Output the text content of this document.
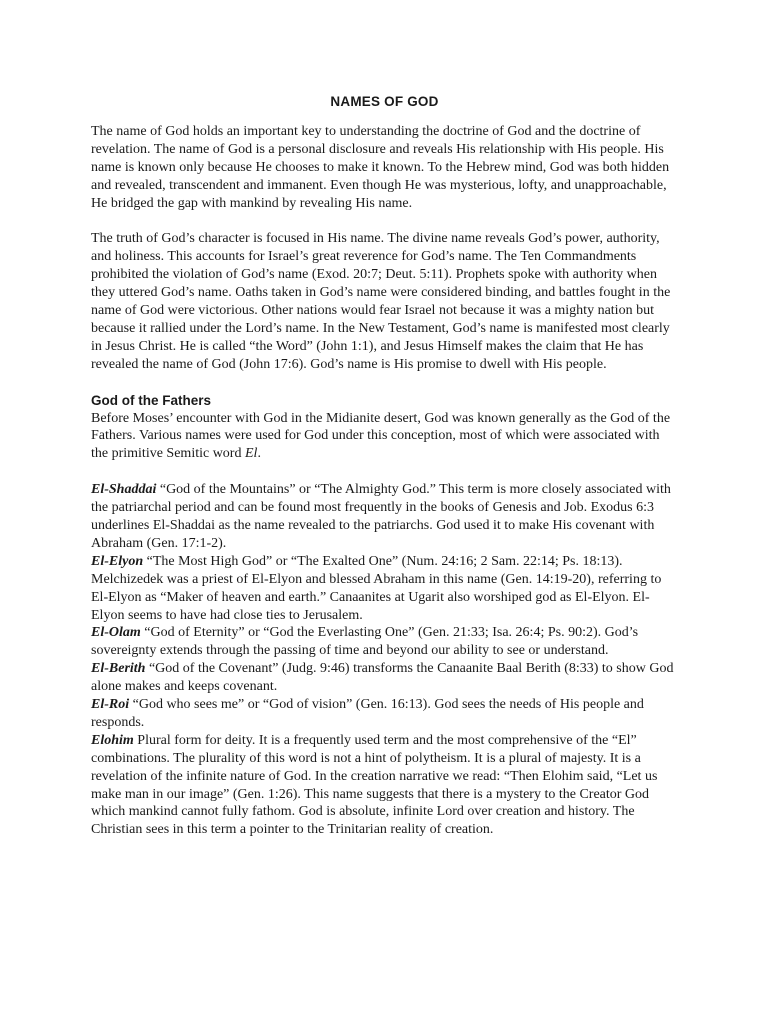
NAMES OF GOD

The name of God holds an important key to understanding the doctrine of God and the doctrine of revelation. The name of God is a personal disclosure and reveals His relationship with His people. His name is known only because He chooses to make it known. To the Hebrew mind, God was both hidden and revealed, transcendent and immanent. Even though He was mysterious, lofty, and unapproachable, He bridged the gap with mankind by revealing His name.

The truth of God’s character is focused in His name. The divine name reveals God’s power, authority, and holiness. This accounts for Israel’s great reverence for God’s name. The Ten Commandments prohibited the violation of God’s name (Exod. 20:7; Deut. 5:11). Prophets spoke with authority when they uttered God’s name. Oaths taken in God’s name were considered binding, and battles fought in the name of God were victorious. Other nations would fear Israel not because it was a mighty nation but because it rallied under the Lord’s name. In the New Testament, God’s name is manifested most clearly in Jesus Christ. He is called “the Word” (John 1:1), and Jesus Himself makes the claim that He has revealed the name of God (John 17:6). God’s name is His promise to dwell with His people.

God of the Fathers

Before Moses’ encounter with God in the Midianite desert, God was known generally as the God of the Fathers. Various names were used for God under this conception, most of which were associated with the primitive Semitic word El.

El-Shaddai “God of the Mountains” or “The Almighty God.” This term is more closely associated with the patriarchal period and can be found most frequently in the books of Genesis and Job. Exodus 6:3 underlines El-Shaddai as the name revealed to the patriarchs. God used it to make His covenant with Abraham (Gen. 17:1-2).

El-Elyon “The Most High God” or “The Exalted One” (Num. 24:16; 2 Sam. 22:14; Ps. 18:13). Melchizedek was a priest of El-Elyon and blessed Abraham in this name (Gen. 14:19-20), referring to El-Elyon as “Maker of heaven and earth.” Canaanites at Ugarit also worshiped god as El-Elyon. El-Elyon seems to have had close ties to Jerusalem.

El-Olam “God of Eternity” or “God the Everlasting One” (Gen. 21:33; Isa. 26:4; Ps. 90:2). God’s sovereignty extends through the passing of time and beyond our ability to see or understand.

El-Berith “God of the Covenant” (Judg. 9:46) transforms the Canaanite Baal Berith (8:33) to show God alone makes and keeps covenant.

El-Roi “God who sees me” or “God of vision” (Gen. 16:13). God sees the needs of His people and responds.

Elohim Plural form for deity. It is a frequently used term and the most comprehensive of the “El” combinations. The plurality of this word is not a hint of polytheism. It is a plural of majesty. It is a revelation of the infinite nature of God. In the creation narrative we read: “Then Elohim said, “Let us make man in our image” (Gen. 1:26). This name suggests that there is a mystery to the Creator God which mankind cannot fully fathom. God is absolute, infinite Lord over creation and history. The Christian sees in this term a pointer to the Trinitarian reality of creation.
